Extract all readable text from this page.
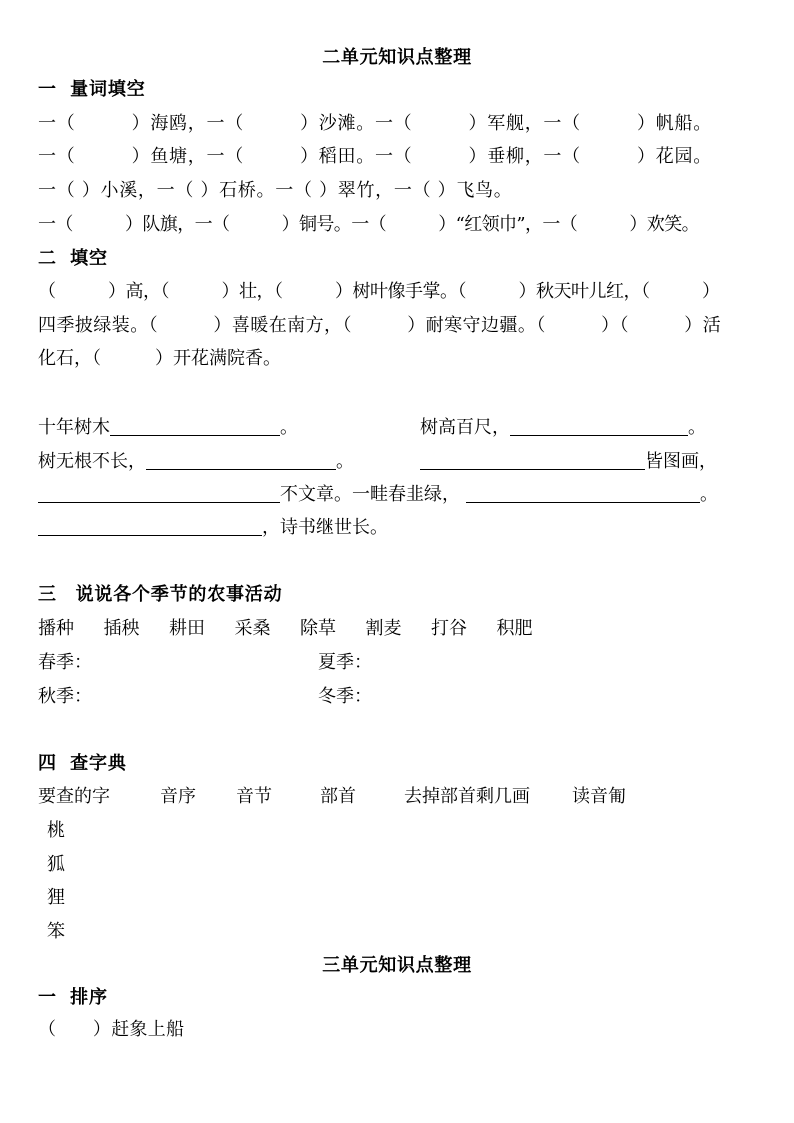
二单元知识点整理
一 量词填空
一（　　　）海鸥，一（　　　）沙滩。一（　　　）军舰，一（　　　）帆船。
一（　　　）鱼塘，一（　　　）稻田。一（　　　）垂柳，一（　　　）花园。
一（ ）小溪，一（ ）石桥。一（ ）翠竹，一（ ）飞鸟。
一（　　　）队旗，一（　　　）铜号。一（　　　）“红领巾”，一（　　　）欢笑。
二 填空
（　　　）高，（　　　）壮，（　　　）树叶像手掌。（　　　）秋天叶儿红，（　　　）
四季披绿装。（　　　）喜暖在南方，（　　　）耐寒守边疆。（　　　）（　　　）活
化石，（　　　）开花满院香。
十年树木	。	树高百尺，	。
树无根不长，	。	皆图画，
不文章。一畦春韭绿，	。
，诗书继世长。
三　说说各个季节的农事活动
播种 插秧 耕田 采桑 除草 割麦 打谷 积肥
春季：	夏季：
秋季：	冬季：
四 查字典
要查的字	音序 音节	部首	去掉部首剩几画 读音匍
桃
狐
狸
笨
三单元知识点整理
一 排序
（　　）赶象上船
